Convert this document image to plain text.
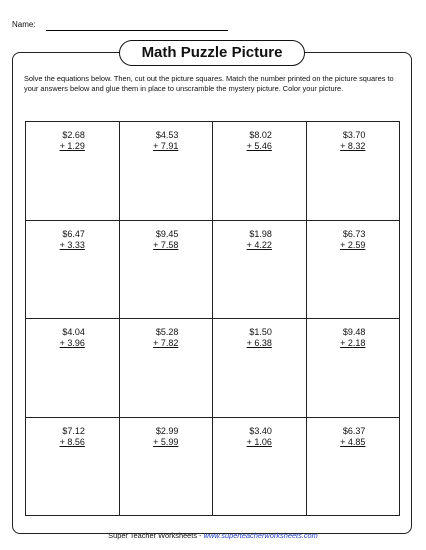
Name:
Math Puzzle Picture
Solve the equations below. Then, cut out the picture squares. Match the number printed on the picture squares to your answers below and glue them in place to unscramble the mystery picture. Color your picture.
$2.68
+ 1.29
$4.53
+ 7.91
$8.02
+ 5.46
$3.70
+ 8.32
$6.47
+ 3.33
$9.45
+ 7.58
$1.98
+ 4.22
$6.73
+ 2.59
$4.04
+ 3.96
$5.28
+ 7.82
$1.50
+ 6.38
$9.48
+ 2.18
$7.12
+ 8.56
$2.99
+ 5.99
$3.40
+ 1.06
$6.37
+ 4.85
Super Teacher Worksheets - www.superteacherworksheets.com
